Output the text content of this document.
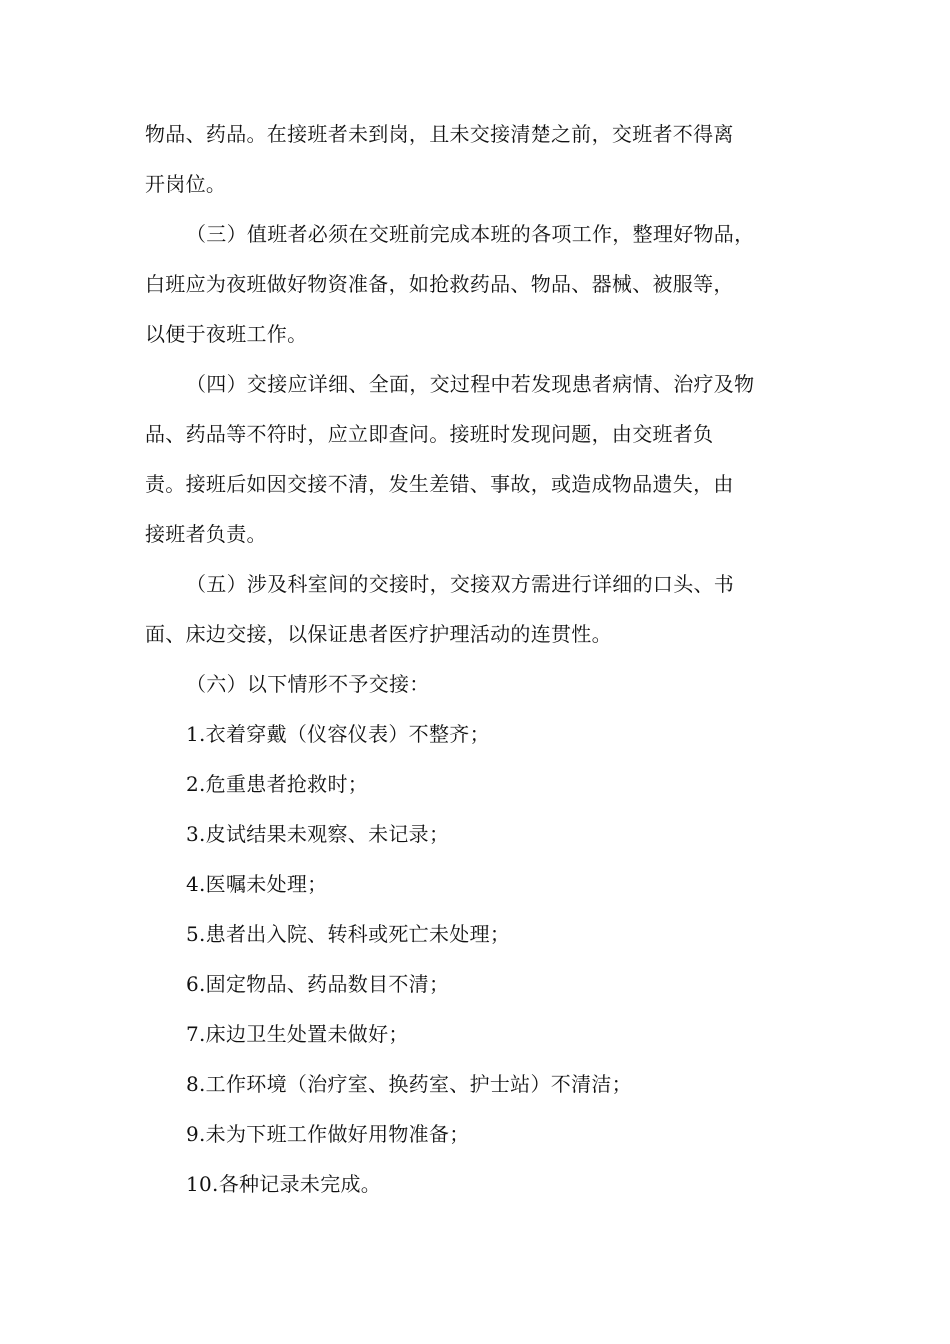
物品、药品。在接班者未到岗，且未交接清楚之前，交班者不得离
开岗位。
（三）值班者必须在交班前完成本班的各项工作，整理好物品，
白班应为夜班做好物资准备，如抢救药品、物品、器械、被服等，
以便于夜班工作。
（四）交接应详细、全面，交过程中若发现患者病情、治疗及物
品、药品等不符时，应立即查问。接班时发现问题，由交班者负
责。接班后如因交接不清，发生差错、事故，或造成物品遗失，由
接班者负责。
（五）涉及科室间的交接时，交接双方需进行详细的口头、书
面、床边交接，以保证患者医疗护理活动的连贯性。
（六）以下情形不予交接：
1.衣着穿戴（仪容仪表）不整齐；
2.危重患者抢救时；
3.皮试结果未观察、未记录；
4.医嘱未处理；
5.患者出入院、转科或死亡未处理；
6.固定物品、药品数目不清；
7.床边卫生处置未做好；
8.工作环境（治疗室、换药室、护士站）不清洁；
9.未为下班工作做好用物准备；
10.各种记录未完成。
